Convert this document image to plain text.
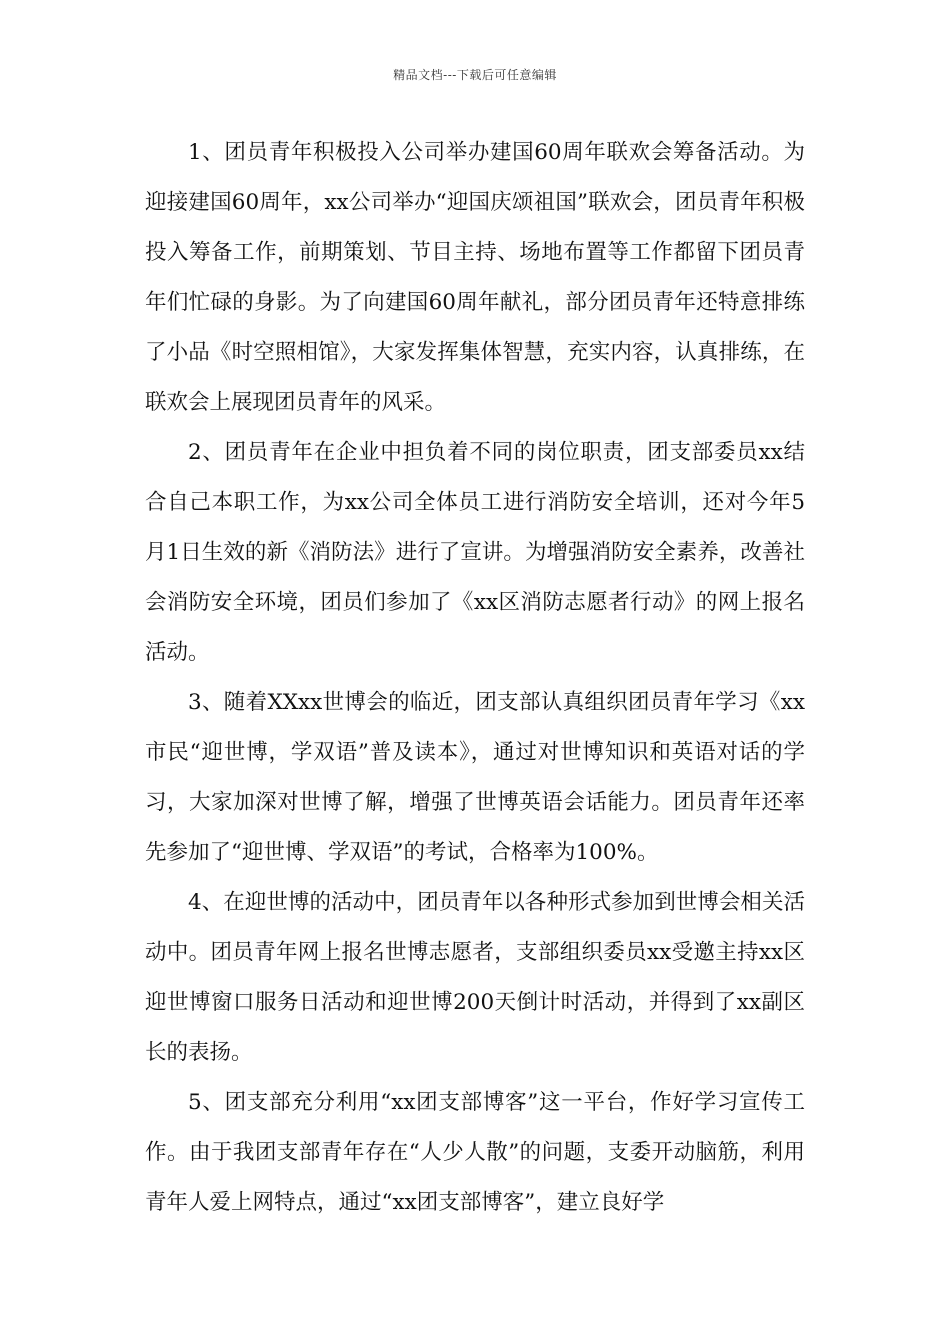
精品文档---下载后可任意编辑

1、团员青年积极投入公司举办建国60周年联欢会筹备活动。为迎接建国60周年，xx公司举办“迎国庆颂祖国”联欢会，团员青年积极投入筹备工作，前期策划、节目主持、场地布置等工作都留下团员青年们忙碌的身影。为了向建国60周年献礼，部分团员青年还特意排练了小品《时空照相馆》，大家发挥集体智慧，充实内容，认真排练，在联欢会上展现团员青年的风采。

2、团员青年在企业中担负着不同的岗位职责，团支部委员xx结合自己本职工作，为xx公司全体员工进行消防安全培训，还对今年5月1日生效的新《消防法》进行了宣讲。为增强消防安全素养，改善社会消防安全环境，团员们参加了《xx区消防志愿者行动》的网上报名活动。

3、随着XXxx世博会的临近，团支部认真组织团员青年学习《xx市民“迎世博，学双语”普及读本》，通过对世博知识和英语对话的学习，大家加深对世博了解，增强了世博英语会话能力。团员青年还率先参加了“迎世博、学双语”的考试，合格率为100%。

4、在迎世博的活动中，团员青年以各种形式参加到世博会相关活动中。团员青年网上报名世博志愿者，支部组织委员xx受邀主持xx区迎世博窗口服务日活动和迎世博200天倒计时活动，并得到了xx副区长的表扬。

5、团支部充分利用“xx团支部博客”这一平台，作好学习宣传工作。由于我团支部青年存在“人少人散”的问题，支委开动脑筋，利用青年人爱上网特点，通过“xx团支部博客”，建立良好学
